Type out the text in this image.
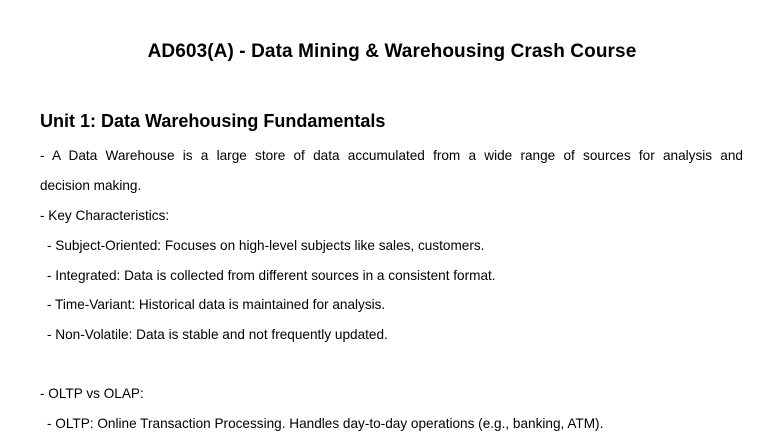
AD603(A) - Data Mining & Warehousing Crash Course
Unit 1: Data Warehousing Fundamentals
- A Data Warehouse is a large store of data accumulated from a wide range of sources for analysis and
decision making.
- Key Characteristics:
- Subject-Oriented: Focuses on high-level subjects like sales, customers.
- Integrated: Data is collected from different sources in a consistent format.
- Time-Variant: Historical data is maintained for analysis.
- Non-Volatile: Data is stable and not frequently updated.
- OLTP vs OLAP:
- OLTP: Online Transaction Processing. Handles day-to-day operations (e.g., banking, ATM).
